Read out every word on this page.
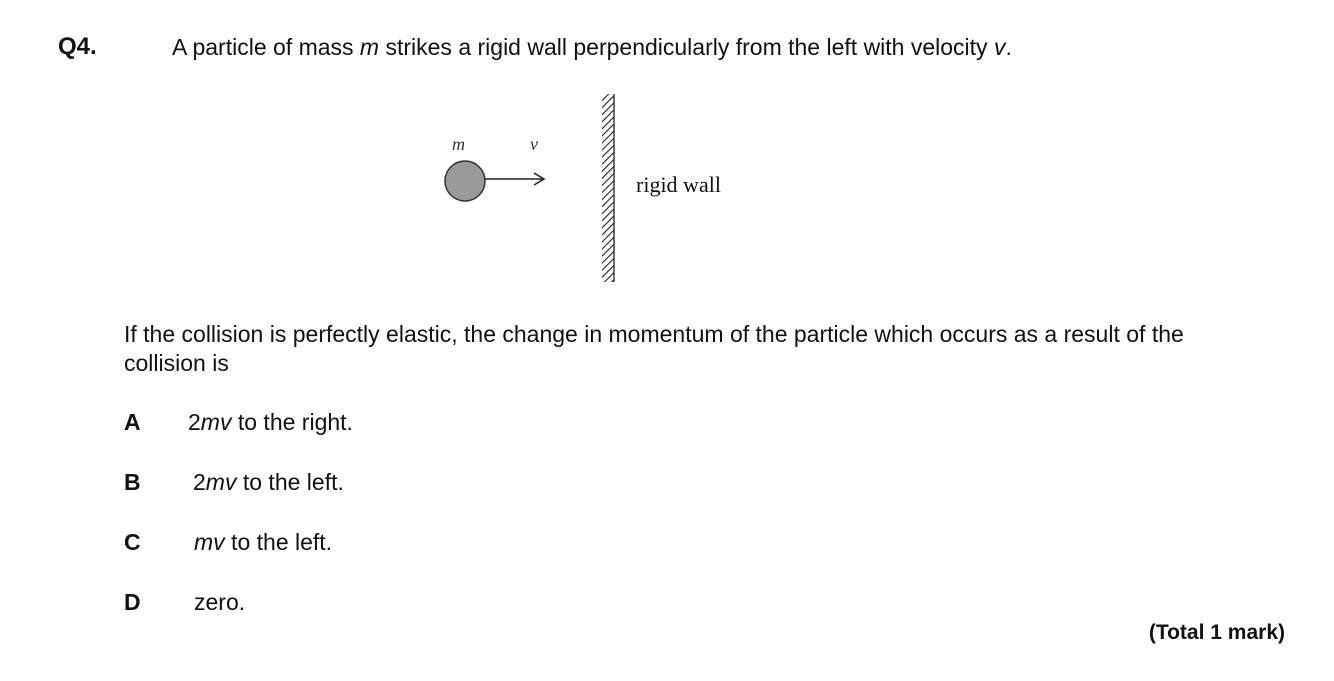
Q4.	A particle of mass m strikes a rigid wall perpendicularly from the left with velocity v.
m	v
rigid wall
If the collision is perfectly elastic, the change in momentum of the particle which occurs as a result of the collision is
A 2mv to the right.
B 2mv to the left.
C mv to the left.
D zero.
(Total 1 mark)
